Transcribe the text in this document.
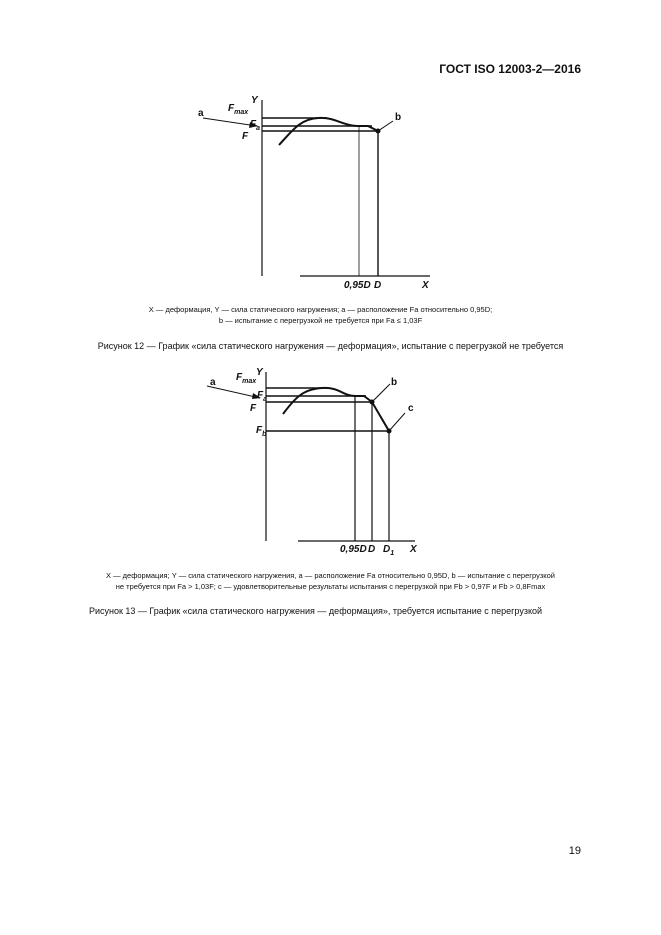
ГОСТ ISO 12003-2—2016
Y
X
$F_{max}$
$F_a$
F
a	b
0,95D D
X — деформация, Y — сила статического нагружения; a — расположение Fa относительно 0,95D;
b — испытание с перегрузкой не требуется при Fa ≤ 1,03F
Рисунок 12 — График «сила статического нагружения — деформация», испытание с перегрузкой не требуется
Y
X
$F_{max}$
$F_a$
F
$F_b$
a	b
c
0,95D D $D_1$
X — деформация; Y — сила статического нагружения, a — расположение Fa относительно 0,95D, b — испытание с перегрузкой
не требуется при Fa > 1,03F; c — удовлетворительные результаты испытания с перегрузкой при Fb > 0,97F и Fb > 0,8Fmax
Рисунок 13 — График «сила статического нагружения — деформация», требуется испытание с перегрузкой
19
